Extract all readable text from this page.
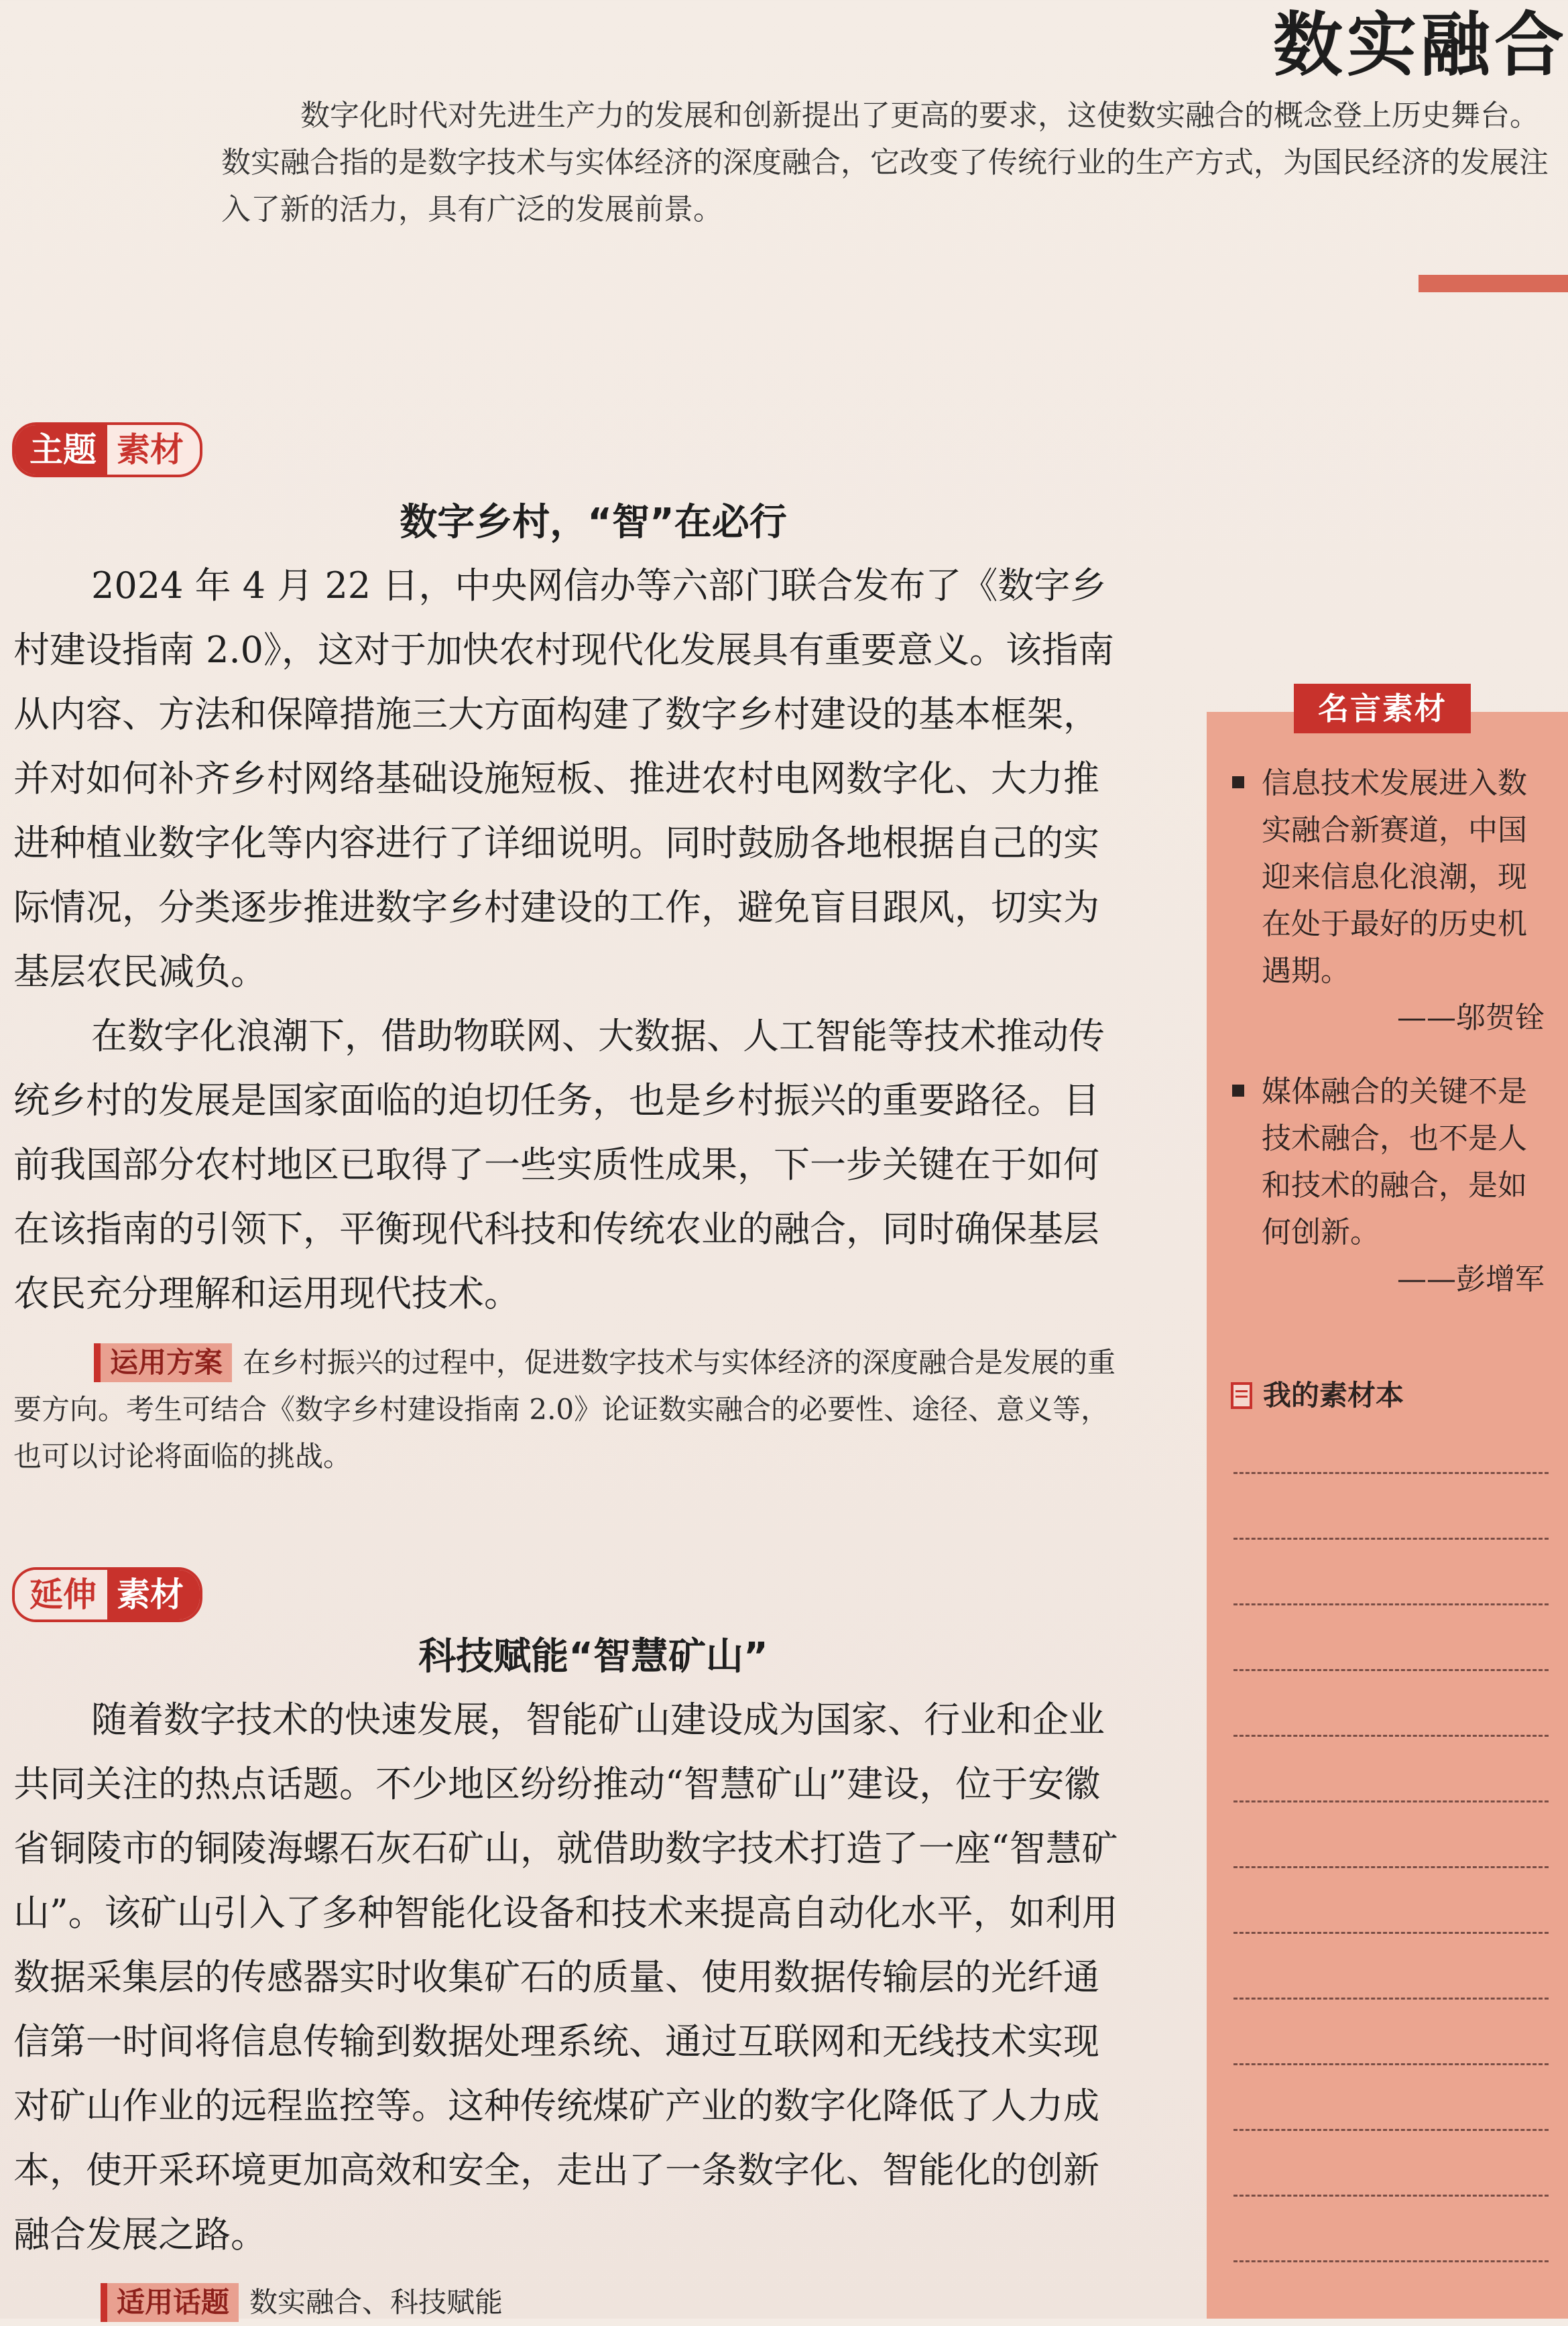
数实融合

数字化时代对先进生产力的发展和创新提出了更高的要求，这使数实融合的概念登上历史舞台。数实融合指的是数字技术与实体经济的深度融合，它改变了传统行业的生产方式，为国民经济的发展注入了新的活力，具有广泛的发展前景。

主题 素材
数字乡村，“智”在必行

2024 年 4 月 22 日，中央网信办等六部门联合发布了《数字乡村建设指南 2.0》，这对于加快农村现代化发展具有重要意义。该指南从内容、方法和保障措施三大方面构建了数字乡村建设的基本框架，并对如何补齐乡村网络基础设施短板、推进农村电网数字化、大力推进种植业数字化等内容进行了详细说明。同时鼓励各地根据自己的实际情况，分类逐步推进数字乡村建设的工作，避免盲目跟风，切实为基层农民减负。

在数字化浪潮下，借助物联网、大数据、人工智能等技术推动传统乡村的发展是国家面临的迫切任务，也是乡村振兴的重要路径。目前我国部分农村地区已取得了一些实质性成果，下一步关键在于如何在该指南的引领下，平衡现代科技和传统农业的融合，同时确保基层农民充分理解和运用现代技术。

运用方案 在乡村振兴的过程中，促进数字技术与实体经济的深度融合是发展的重要方向。考生可结合《数字乡村建设指南 2.0》论证数实融合的必要性、途径、意义等，也可以讨论将面临的挑战。
延伸 素材
科技赋能“智慧矿山”

随着数字技术的快速发展，智能矿山建设成为国家、行业和企业共同关注的热点话题。不少地区纷纷推动“智慧矿山”建设，位于安徽省铜陵市的铜陵海螺石灰石矿山，就借助数字技术打造了一座“智慧矿山”。该矿山引入了多种智能化设备和技术来提高自动化水平，如利用数据采集层的传感器实时收集矿石的质量、使用数据传输层的光纤通信第一时间将信息传输到数据处理系统、通过互联网和无线技术实现对矿山作业的远程监控等。这种传统煤矿产业的数字化降低了人力成本，使开采环境更加高效和安全，走出了一条数字化、智能化的创新融合发展之路。

适用话题 数实融合、科技赋能
名言素材
信息技术发展进入数实融合新赛道，中国迎来信息化浪潮，现在处于最好的历史机遇期。
——邬贺铨
媒体融合的关键不是技术融合，也不是人和技术的融合，是如何创新。
——彭增军
我的素材本
